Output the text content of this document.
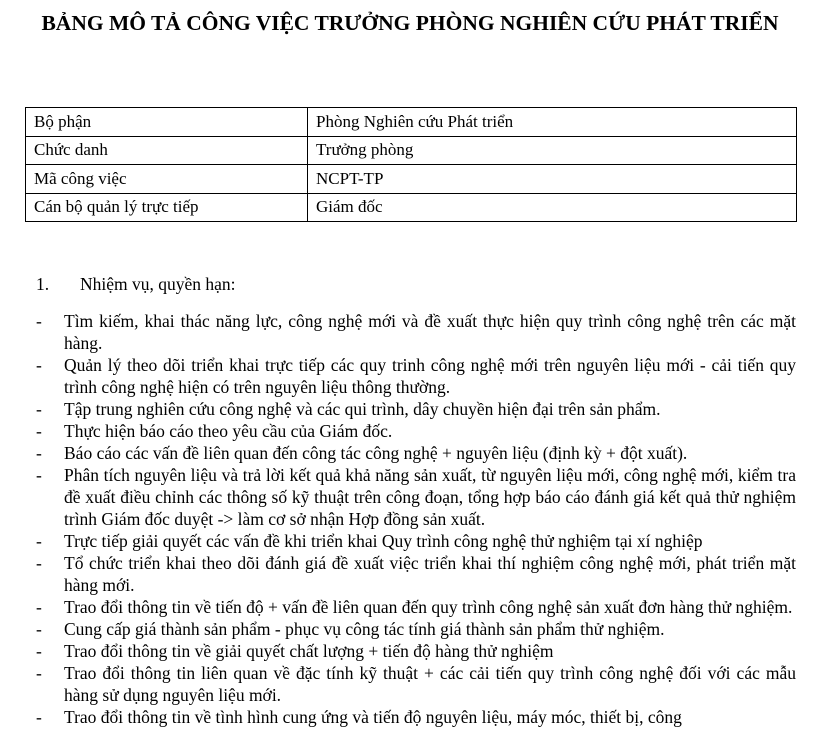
BẢNG MÔ TẢ CÔNG VIỆC TRƯỞNG PHÒNG NGHIÊN CỨU PHÁT TRIỂN
Bộ phận	Phòng Nghiên cứu Phát triển
Chức danh	Trưởng phòng
Mã công việc	NCPT-TP
Cán bộ quản lý trực tiếp	Giám đốc
1. Nhiệm vụ, quyền hạn:
-	Tìm kiếm, khai thác năng lực, công nghệ mới và đề xuất thực hiện quy trình công nghệ trên các mặt hàng.
-	Quản lý theo dõi triển khai trực tiếp các quy trinh công nghệ mới trên nguyên liệu mới - cải tiến quy trình công nghệ hiện có trên nguyên liệu thông thường.
-	Tập trung nghiên cứu công nghệ và các qui trình, dây chuyền hiện đại trên sản phẩm.
-	Thực hiện báo cáo theo yêu cầu của Giám đốc.
-	Báo cáo các vấn đề liên quan đến công tác công nghệ + nguyên liệu (định kỳ + đột xuất).
-	Phân tích nguyên liệu và trả lời kết quả khả năng sản xuất, từ nguyên liệu mới, công nghệ mới, kiểm tra đề xuất điều chỉnh các thông số kỹ thuật trên công đoạn, tổng hợp báo cáo đánh giá kết quả thử nghiệm trình Giám đốc duyệt -> làm cơ sở nhận Hợp đồng sản xuất.
-	Trực tiếp giải quyết các vấn đề khi triển khai Quy trình công nghệ thử nghiệm tại xí nghiệp
-	Tổ chức triển khai theo dõi đánh giá đề xuất việc triển khai thí nghiệm công nghệ mới, phát triển mặt hàng mới.
-	Trao đổi thông tin về tiến độ + vấn đề liên quan đến quy trình công nghệ sản xuất đơn hàng thử nghiệm.
-	Cung cấp giá thành sản phẩm - phục vụ công tác tính giá thành sản phẩm thử nghiệm.
-	Trao đổi thông tin về giải quyết chất lượng + tiến độ hàng thử nghiệm
-	Trao đổi thông tin liên quan về đặc tính kỹ thuật + các cải tiến quy trình công nghệ đối với các mẫu hàng sử dụng nguyên liệu mới.
-	Trao đổi thông tin về tình hình cung ứng và tiến độ nguyên liệu, máy móc, thiết bị, công
